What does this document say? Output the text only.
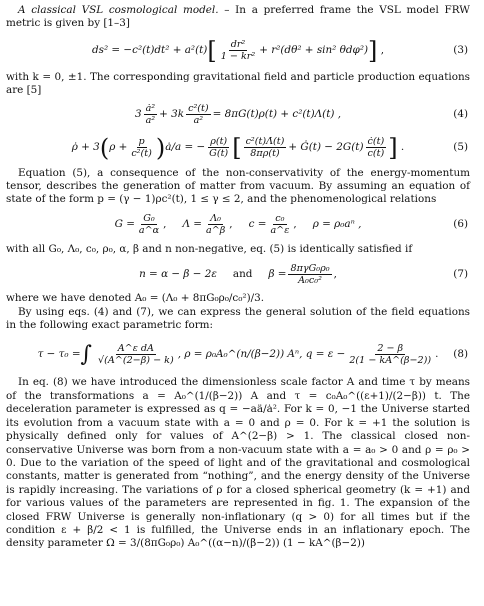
A classical VSL cosmological model. – In a preferred frame the VSL model FRW metric is given by [1–3]

ds² = −c²(t)dt² + a²(t) [ $\frac{\text{dr²}}{\text{1 − kr²}} + r^2(d\theta^2 + \sin^2$ θdφ²) ] ,	(3)

with k = 0, ±1. The corresponding gravitational field and particle production equations are [5]

$3 \frac{\text{ȧ²}}{\text{a²}} + 3k \frac{\text{c²(t)}}{\text{a²}} = 8\pi G(t)\rho(t) + c^2(t)\Lambda(t)$ ,	(4)
ρ̇ + 3 ( $\rho + \frac{p}{\text{c²(t)}}$ ) ȧ/a = − $\frac{\rho(t)}{G(t)}$ [ $\frac{\text{c²(t)Λ̇(t)}}{8\pi\rho(t)}$ + Ġ(t) − $2G(t) \frac{ċ(t)}{c(t)}$ ] .	(5)

Equation (5), a consequence of the non-conservativity of the energy-momentum tensor, describes the generation of matter from vacuum. By assuming an equation of state of the form p = (γ − 1)ρc²(t), 1 ≤ γ ≤ 2, and the phenomenological relations

$G = \frac{\text{G₀}}{a\^{}\alpha}$ , $\Lambda = \frac{\text{Λ₀}}{a\^{}\beta}$ , $c = \frac{\text{c₀}}{a\^{}\varepsilon}$ , ρ = ρ₀aⁿ ,	(6)

with all G₀, Λ₀, c₀, ρ₀, α, β and n non-negative, eq. (5) is identically satisfied if

n = α − β − 2ε and $\beta = \frac{\text{8πγG₀ρ₀}}{\text{A₀c₀²}}$ ,	(7)

where we have denoted A₀ = (Λ₀ + 8πG₀ρ₀/c₀²)/3.

By using eqs. (4) and (7), we can express the general solution of the field equations in the following exact parametric form:

τ − τ₀ = ∫ $\frac{\text{A\textasciicircum{}ε dA}}{√(A\^{}(2-\beta) - k)}$ , ρ = ρ₀A₀^(n/(β−2)) Aⁿ, $q = \varepsilon - \frac{2 - \beta}{2(1 - kA\^{}(\beta-2))}$ . (8)

In eq. (8) we have introduced the dimensionless scale factor A and time τ by means of the transformations a = A₀^(1/(β−2)) A and τ = c₀A₀^((ε+1)/(2−β)) t. The deceleration parameter is expressed as q = −aä/ȧ². For k = 0, −1 the Universe started its evolution from a vacuum state with a = 0 and ρ = 0. For k = +1 the solution is physically defined only for values of A^(2−β) > 1. The classical closed non-conservative Universe was born from a non-vacuum state with a = a₀ > 0 and ρ = ρ₀ > 0. Due to the variation of the speed of light and of the gravitational and cosmological constants, matter is generated from “nothing”, and the energy density of the Universe is rapidly increasing. The variations of ρ for a closed spherical geometry (k = +1) and for various values of the parameters are represented in fig. 1. The expansion of the closed FRW Universe is generally non-inflationary (q > 0) for all times but if the condition ε + β/2 < 1 is fulfilled, the Universe ends in an inflationary epoch. The density parameter Ω = 3/(8πG₀ρ₀) A₀^((α−n)/(β−2)) (1 − kA^(β−2))
